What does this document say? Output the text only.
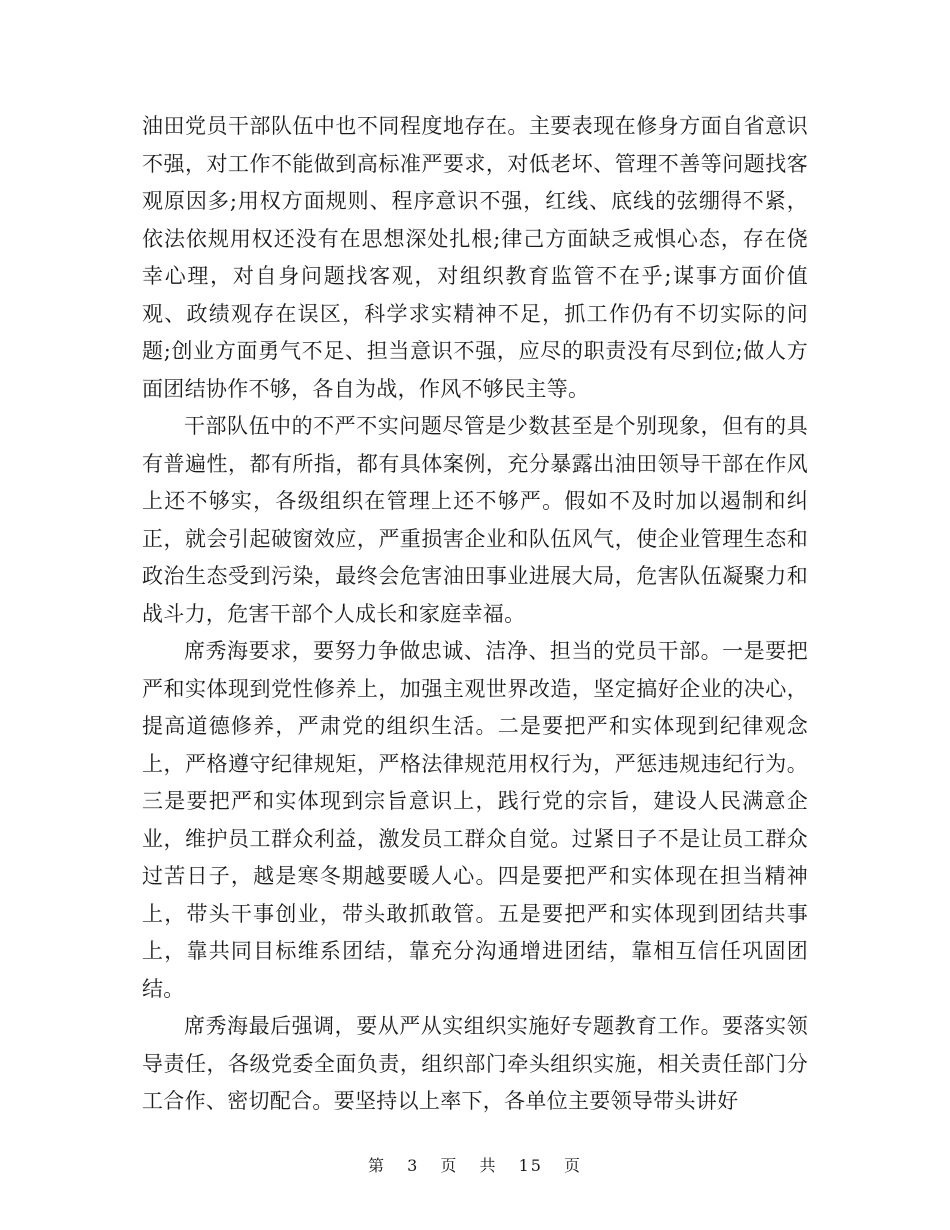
油田党员干部队伍中也不同程度地存在。主要表现在修身方面自省意识不强，对工作不能做到高标准严要求，对低老坏、管理不善等问题找客观原因多;用权方面规则、程序意识不强，红线、底线的弦绷得不紧，依法依规用权还没有在思想深处扎根;律己方面缺乏戒惧心态，存在侥幸心理，对自身问题找客观，对组织教育监管不在乎;谋事方面价值观、政绩观存在误区，科学求实精神不足，抓工作仍有不切实际的问题;创业方面勇气不足、担当意识不强，应尽的职责没有尽到位;做人方面团结协作不够，各自为战，作风不够民主等。

干部队伍中的不严不实问题尽管是少数甚至是个别现象，但有的具有普遍性，都有所指，都有具体案例，充分暴露出油田领导干部在作风上还不够实，各级组织在管理上还不够严。假如不及时加以遏制和纠正，就会引起破窗效应，严重损害企业和队伍风气，使企业管理生态和政治生态受到污染，最终会危害油田事业进展大局，危害队伍凝聚力和战斗力，危害干部个人成长和家庭幸福。

席秀海要求，要努力争做忠诚、洁净、担当的党员干部。一是要把严和实体现到党性修养上，加强主观世界改造，坚定搞好企业的决心，提高道德修养，严肃党的组织生活。二是要把严和实体现到纪律观念上，严格遵守纪律规矩，严格法律规范用权行为，严惩违规违纪行为。三是要把严和实体现到宗旨意识上，践行党的宗旨，建设人民满意企业，维护员工群众利益，激发员工群众自觉。过紧日子不是让员工群众过苦日子，越是寒冬期越要暖人心。四是要把严和实体现在担当精神上，带头干事创业，带头敢抓敢管。五是要把严和实体现到团结共事上，靠共同目标维系团结，靠充分沟通增进团结，靠相互信任巩固团结。

席秀海最后强调，要从严从实组织实施好专题教育工作。要落实领导责任，各级党委全面负责，组织部门牵头组织实施，相关责任部门分工合作、密切配合。要坚持以上率下，各单位主要领导带头讲好

第 3 页 共 15 页
